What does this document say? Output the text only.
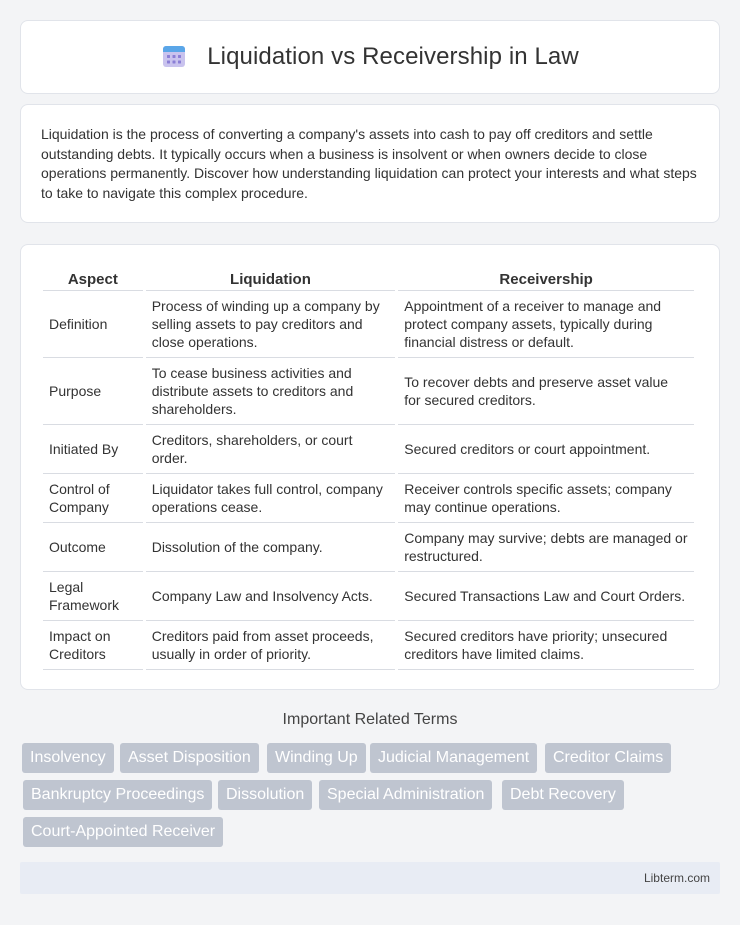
Liquidation vs Receivership in Law

Liquidation is the process of converting a company's assets into cash to pay off creditors and settle outstanding debts. It typically occurs when a business is insolvent or when owners decide to close operations permanently. Discover how understanding liquidation can protect your interests and what steps to take to navigate this complex procedure.

Aspect	Liquidation	Receivership
Definition	Process of winding up a company by selling assets to pay creditors and close operations.	Appointment of a receiver to manage and protect company assets, typically during financial distress or default.
Purpose	To cease business activities and distribute assets to creditors and shareholders.	To recover debts and preserve asset value for secured creditors.
Initiated By	Creditors, shareholders, or court order.	Secured creditors or court appointment.
Control of Company	Liquidator takes full control, company operations cease.	Receiver controls specific assets; company may continue operations.
Outcome	Dissolution of the company.	Company may survive; debts are managed or restructured.
Legal Framework	Company Law and Insolvency Acts.	Secured Transactions Law and Court Orders.
Impact on Creditors	Creditors paid from asset proceeds, usually in order of priority.	Secured creditors have priority; unsecured creditors have limited claims.
Important Related Terms
Insolvency	Asset Disposition	Winding Up	Judicial Management	Creditor Claims
Bankruptcy Proceedings	Dissolution	Special Administration	Debt Recovery
Court-Appointed Receiver
Libterm.com
